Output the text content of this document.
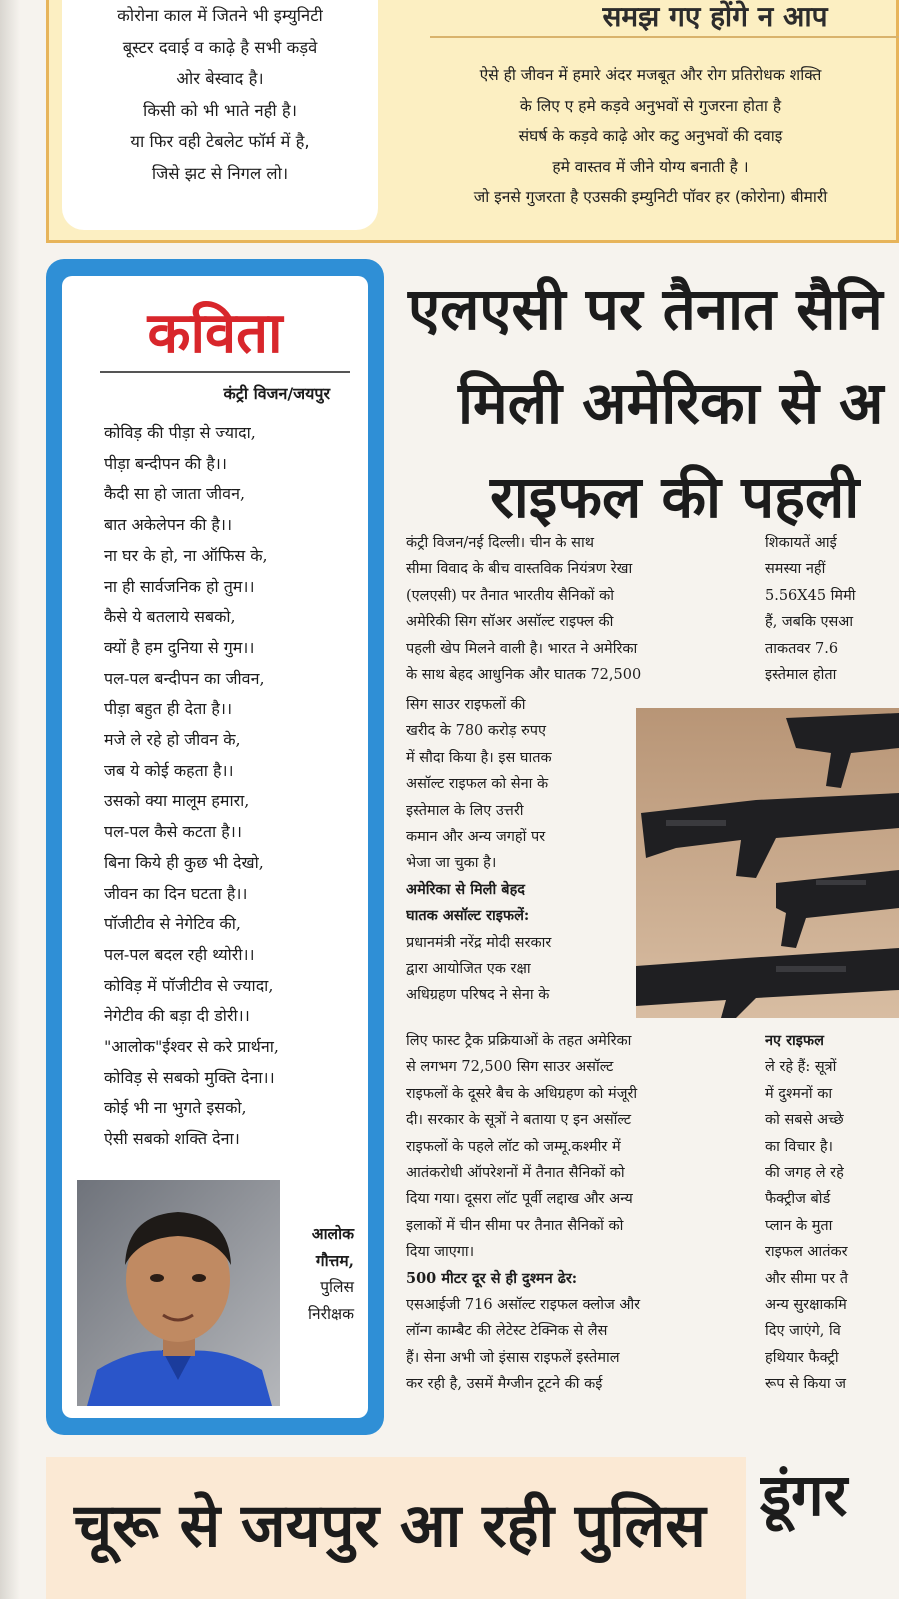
कोरोना काल में जितने भी इम्युनिटी
बूस्टर दवाई व काढ़े है सभी कड़वे
ओर बेस्वाद है।
किसी को भी भाते नही है।
या फिर वही टेबलेट फॉर्म में है,
जिसे झट से निगल लो।
समझ गए होंगे न आप
ऐसे ही जीवन में हमारे अंदर मजबूत और रोग प्रतिरोधक शक्ति
के लिए ए हमे कड़वे अनुभवों से गुजरना होता है
संघर्ष के कड़वे काढ़े ओर कटु अनुभवों की दवाइ
हमे वास्तव में जीने योग्य बनाती है ।
जो इनसे गुजरता है एउसकी इम्युनिटी पॉवर हर (कोरोना) बीमारी
कविता
कंट्री विजन/जयपुर
कोविड़ की पीड़ा से ज्यादा,
पीड़ा बन्दीपन की है।।
कैदी सा हो जाता जीवन,
बात अकेलेपन की है।।
ना घर के हो, ना ऑफिस के,
ना ही सार्वजनिक हो तुम।।
कैसे ये बतलाये सबको,
क्यों है हम दुनिया से गुम।।
पल-पल बन्दीपन का जीवन,
पीड़ा बहुत ही देता है।।
मजे ले रहे हो जीवन के,
जब ये कोई कहता है।।
उसको क्या मालूम हमारा,
पल-पल कैसे कटता है।।
बिना किये ही कुछ भी देखो,
जीवन का दिन घटता है।।
पॉजीटीव से नेगेटिव की,
पल-पल बदल रही थ्योरी।।
कोविड़ में पॉजीटीव से ज्यादा,
नेगेटीव की बड़ा दी डोरी।।
"आलोक"ईश्वर से करे प्रार्थना,
कोविड़ से सबको मुक्ति देना।।
कोई भी ना भुगते इसको,
ऐसी सबको शक्ति देना।
आलोक
गौत्तम,
पुलिस
निरीक्षक
एलएसी पर तैनात सैनि
मिली अमेरिका से अ
राइफल की पहली
कंट्री विजन/नई दिल्ली। चीन के साथ
सीमा विवाद के बीच वास्तविक नियंत्रण रेखा
(एलएसी) पर तैनात भारतीय सैनिकों को
अमेरिकी सिग सॉअर असॉल्ट राइफ्ल की
पहली खेप मिलने वाली है। भारत ने अमेरिका
के साथ बेहद आधुनिक और घातक 72,500
सिग साउर राइफलों की
खरीद के 780 करोड़ रुपए
में सौदा किया है। इस घातक
असॉल्ट राइफल को सेना के
इस्तेमाल के लिए उत्तरी
कमान और अन्य जगहों पर
भेजा जा चुका है।
अमेरिका से मिली बेहद
घातक असॉल्ट राइफलें:
प्रधानमंत्री नरेंद्र मोदी सरकार
द्वारा आयोजित एक रक्षा
अधिग्रहण परिषद ने सेना के
लिए फास्ट ट्रैक प्रक्रियाओं के तहत अमेरिका
से लगभग 72,500 सिग साउर असॉल्ट
राइफलों के दूसरे बैच के अधिग्रहण को मंजूरी
दी। सरकार के सूत्रों ने बताया ए इन असॉल्ट
राइफलों के पहले लॉट को जम्मू.कश्मीर में
आतंकरोधी ऑपरेशनों में तैनात सैनिकों को
दिया गया। दूसरा लॉट पूर्वी लद्दाख और अन्य
इलाकों में चीन सीमा पर तैनात सैनिकों को
दिया जाएगा।
500 मीटर दूर से ही दुश्मन ढेर:
एसआईजी 716 असॉल्ट राइफल क्लोज और
लॉन्ग काम्बैट की लेटेस्ट टेक्निक से लैस
हैं। सेना अभी जो इंसास राइफलें इस्तेमाल
कर रही है, उसमें मैग्जीन टूटने की कई
शिकायतें आई
समस्या नहीं
5.56X45 मिमी
हैं, जबकि एसआ
ताकतवर 7.6
इस्तेमाल होता
नए राइफल
ले रहे हैं: सूत्रों
में दुश्मनों का
को सबसे अच्छे
का विचार है।
की जगह ले रहे
फैक्ट्रीज बोर्ड
प्लान के मुता
राइफल आतंकर
और सीमा पर तै
अन्य सुरक्षाकमि
दिए जाएंगे, वि
हथियार फैक्ट्री
रूप से किया ज
चूरू से जयपुर आ रही पुलिस डूंगर
